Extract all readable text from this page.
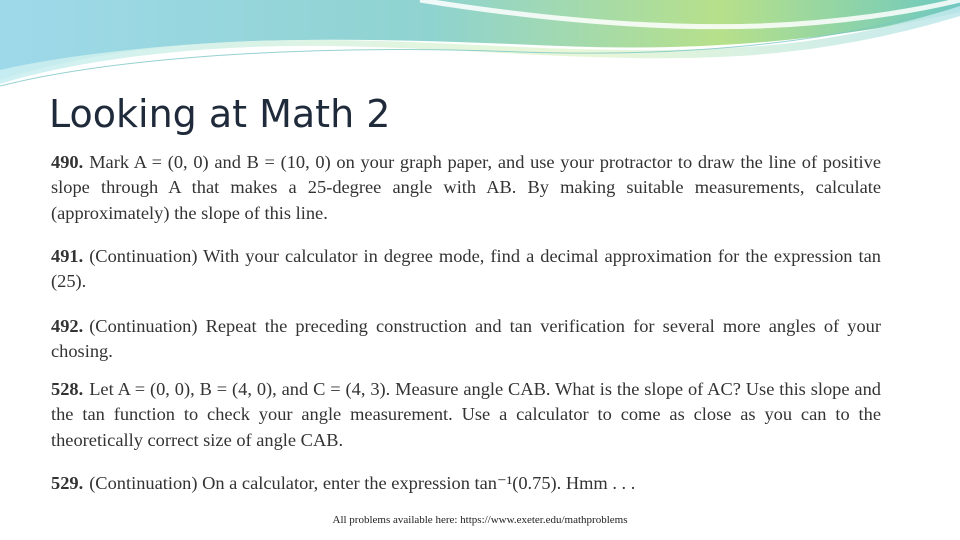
Looking at Math 2

490. Mark A = (0, 0) and B = (10, 0) on your graph paper, and use your protractor to draw the line of positive slope through A that makes a 25-degree angle with AB. By making suitable measurements, calculate (approximately) the slope of this line.

491. (Continuation) With your calculator in degree mode, find a decimal approximation for the expression tan (25).

492. (Continuation) Repeat the preceding construction and tan verification for several more angles of your chosing.

528. Let A = (0, 0), B = (4, 0), and C = (4, 3). Measure angle CAB. What is the slope of AC? Use this slope and the tan function to check your angle measurement. Use a calculator to come as close as you can to the theoretically correct size of angle CAB.

529. (Continuation) On a calculator, enter the expression tan⁻¹(0.75). Hmm . . .

All problems available here: https://www.exeter.edu/mathproblems
